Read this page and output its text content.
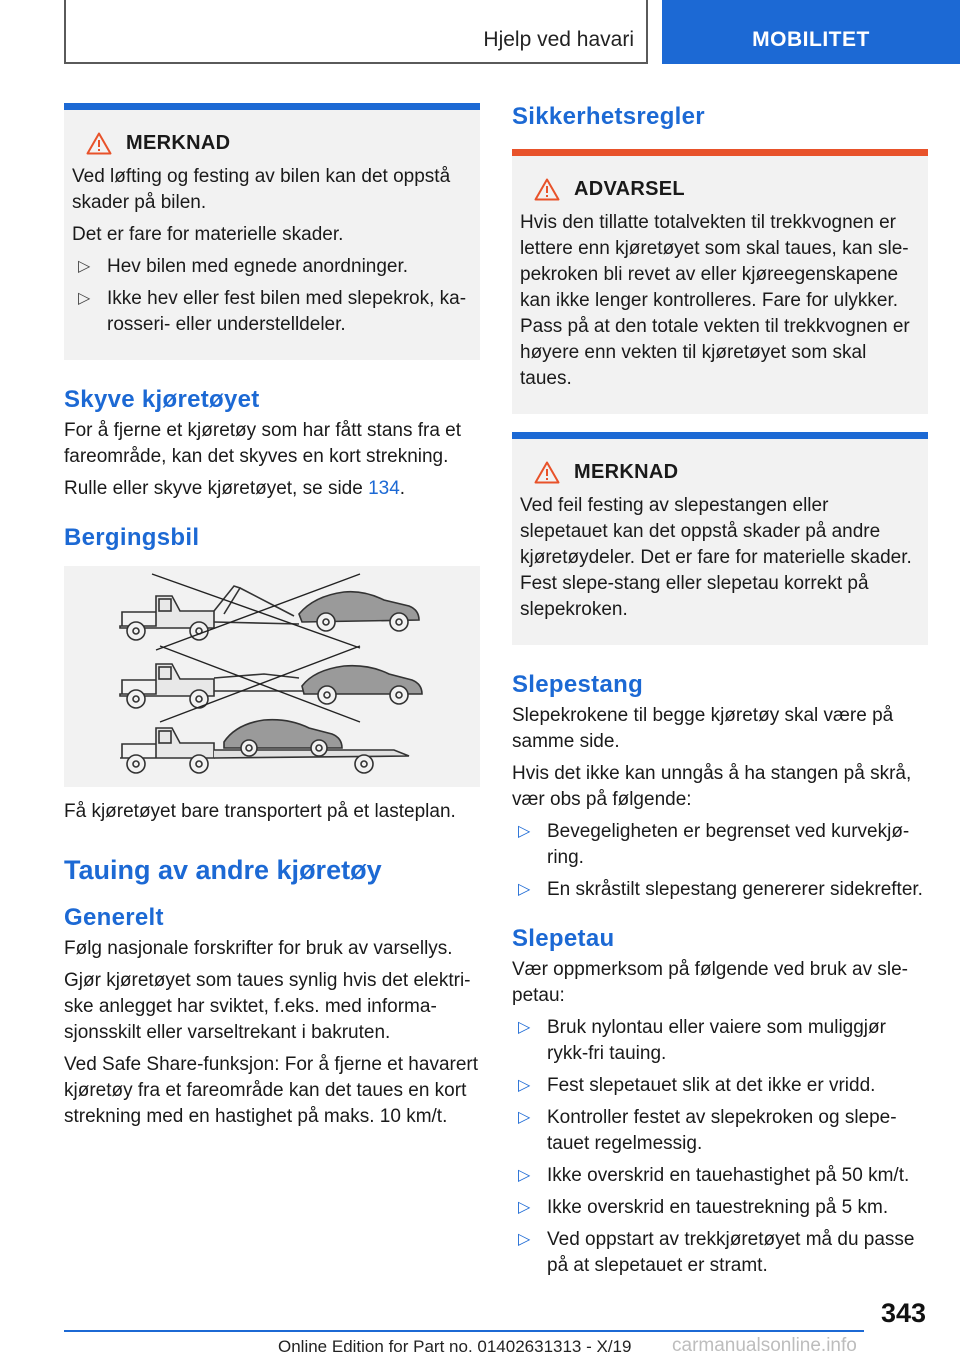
Hjelp ved havari	MOBILITET
MERKNAD

Ved løfting og festing av bilen kan det oppstå skader på bilen.

Det er fare for materielle skader.

▷ Hev bilen med egnede anordninger.
▷ Ikke hev eller fest bilen med slepekrok, ka-rosseri- eller understelldeler.
Skyve kjøretøyet

For å fjerne et kjøretøy som har fått stans fra et fareområde, kan det skyves en kort strekning.

Rulle eller skyve kjøretøyet, se side 134.

Bergingsbil

Få kjøretøyet bare transportert på et lasteplan.

Tauing av andre kjøretøy
Generelt

Følg nasjonale forskrifter for bruk av varsellys.

Gjør kjøretøyet som taues synlig hvis det elektri-ske anlegget har sviktet, f.eks. med informa-sjonsskilt eller varseltrekant i bakruten.

Ved Safe Share-funksjon: For å fjerne et havarert kjøretøy fra et fareområde kan det taues en kort strekning med en hastighet på maks. 10 km/t.

Sikkerhetsregler
ADVARSEL

Hvis den tillatte totalvekten til trekkvognen er lettere enn kjøretøyet som skal taues, kan sle-pekroken bli revet av eller kjøreegenskapene kan ikke lenger kontrolleres. Fare for ulykker. Pass på at den totale vekten til trekkvognen er høyere enn vekten til kjøretøyet som skal taues.

MERKNAD

Ved feil festing av slepestangen eller slepetauet kan det oppstå skader på andre kjøretøydeler. Det er fare for materielle skader. Fest slepe-stang eller slepetau korrekt på slepekroken.

Slepestang

Slepekrokene til begge kjøretøy skal være på samme side.

Hvis det ikke kan unngås å ha stangen på skrå, vær obs på følgende:

▷ Bevegeligheten er begrenset ved kurvekjø-ring.
▷ En skråstilt slepestang genererer sidekrefter.
Slepetau

Vær oppmerksom på følgende ved bruk av sle-petau:

▷ Bruk nylontau eller vaiere som muliggjør rykk-fri tauing.
▷ Fest slepetauet slik at det ikke er vridd.
▷ Kontroller festet av slepekroken og slepe-tauet regelmessig.
▷ Ikke overskrid en tauehastighet på 50 km/t.
▷ Ikke overskrid en tauestrekning på 5 km.
▷ Ved oppstart av trekkjøretøyet må du passe på at slepetauet er stramt.
343
Online Edition for Part no. 01402631313 - X/19 carmanualsonline.info
